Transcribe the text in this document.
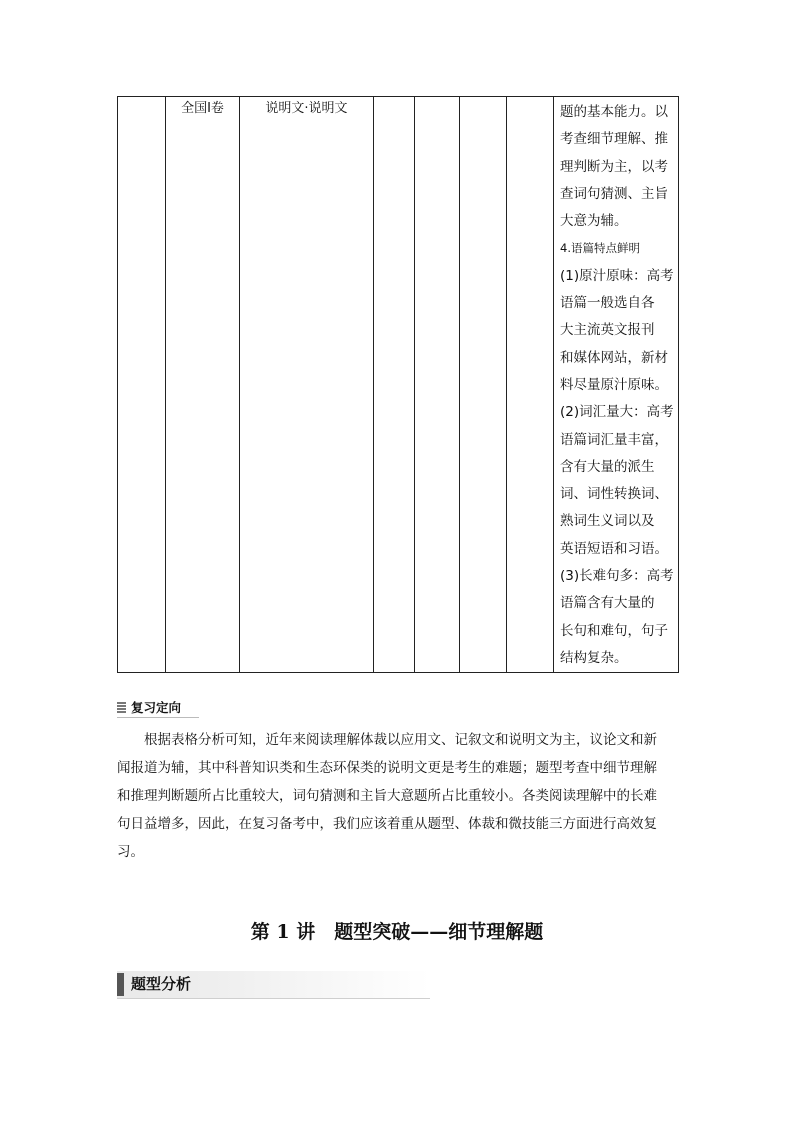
	全国Ⅰ卷	说明文·说明文					题的基本能力。以
考查细节理解、推
理判断为主，以考
查词句猜测、主旨
大意为辅。
4.语篇特点鲜明
(1)原汁原味：高考
语篇一般选自各
大主流英文报刊
和媒体网站，新材
料尽量原汁原味。
(2)词汇量大：高考
语篇词汇量丰富，
含有大量的派生
词、词性转换词、
熟词生义词以及
英语短语和习语。
(3)长难句多：高考
语篇含有大量的
长句和难句，句子
结构复杂。
复习定向
根据表格分析可知，近年来阅读理解体裁以应用文、记叙文和说明文为主，议论文和新
闻报道为辅，其中科普知识类和生态环保类的说明文更是考生的难题；题型考查中细节理解
和推理判断题所占比重较大，词句猜测和主旨大意题所占比重较小。各类阅读理解中的长难
句日益增多，因此，在复习备考中，我们应该着重从题型、体裁和微技能三方面进行高效复
习。
第 1 讲　题型突破——细节理解题
题型分析
